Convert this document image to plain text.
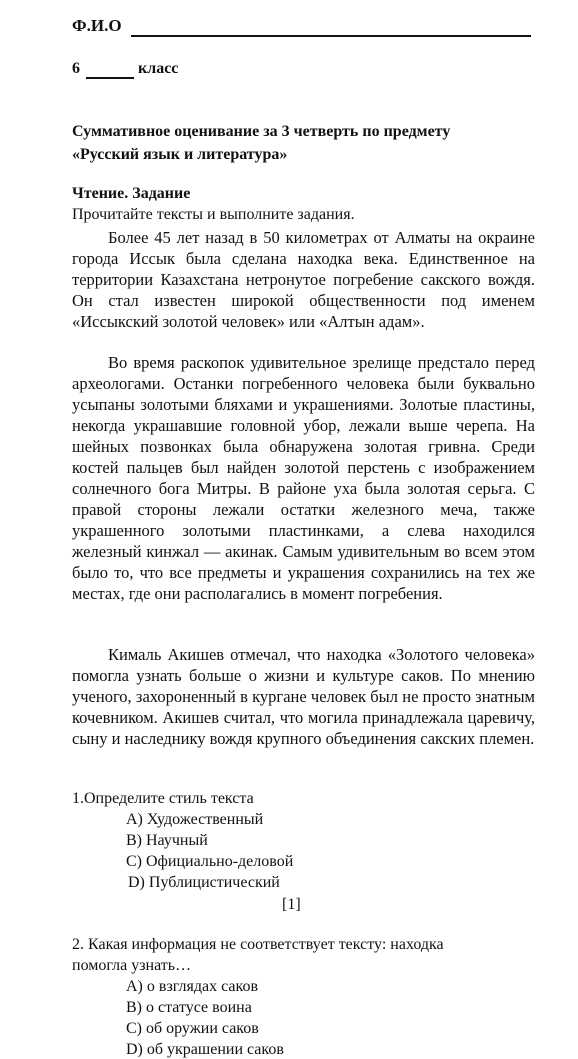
Ф.И.О
6	класс
Суммативное оценивание за 3 четверть по предмету
«Русский язык и литература»
Чтение. Задание
Прочитайте тексты и выполните задания.

Более 45 лет назад в 50 километрах от Алматы на окраине города Иссык была сделана находка века. Единственное на территории Казахстана нетронутое погребение сакского вождя. Он стал известен широкой общественности под именем «Иссыкский золотой человек» или «Алтын адам».

Во время раскопок удивительное зрелище предстало перед археологами. Останки погребенного человека были буквально усыпаны золотыми бляхами и украшениями. Золотые пластины, некогда украшавшие головной убор, лежали выше черепа. На шейных позвонках была обнаружена золотая гривна. Среди костей пальцев был найден золотой перстень с изображением солнечного бога Митры. В районе уха была золотая серьга. С правой стороны лежали остатки железного меча, также украшенного золотыми пластинками, а слева находился железный кинжал — акинак. Самым удивительным во всем этом было то, что все предметы и украшения сохранились на тех же местах, где они располагались в момент погребения.

Кималь Акишев отмечал, что находка «Золотого человека» помогла узнать больше о жизни и культуре саков. По мнению ученого, захороненный в кургане человек был не просто знатным кочевником. Акишев считал, что могила принадлежала царевичу, сыну и наследнику вождя крупного объединения сакских племен.

1.Определите стиль текста
A) Художественный
B) Научный
C) Официально-деловой
D) Публицистический
[1]
2. Какая информация не соответствует тексту: находка
помогла узнать…
A) о взглядах саков
B) о статусе воина
C) об оружии саков
D) об украшении саков
